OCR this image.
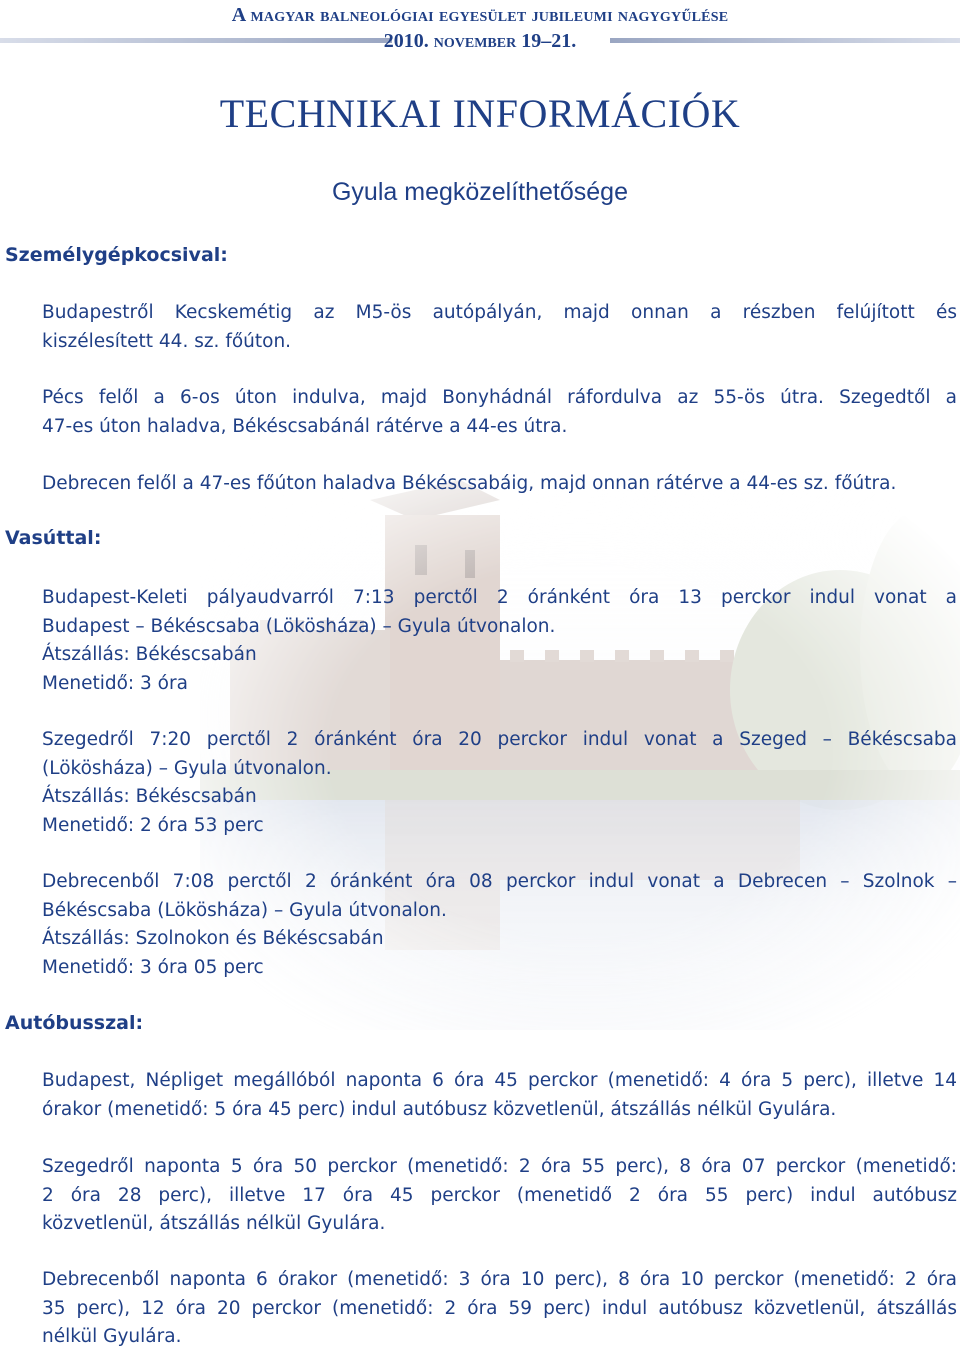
A magyar balneológiai egyesület jubileumi nagygyűlése
2010. november 19–21.
TECHNIKAI INFORMÁCIÓK
Gyula megközelíthetősége
Személygépkocsival:
Budapestről Kecskemétig az M5-ös autópályán, majd onnan a részben felújított és
kiszélesített 44. sz. főúton.
Pécs felől a 6-os úton indulva, majd Bonyhádnál ráfordulva az 55-ös útra. Szegedtől a
47-es úton haladva, Békéscsabánál rátérve a 44-es útra.
Debrecen felől a 47-es főúton haladva Békéscsabáig, majd onnan rátérve a 44-es sz. főútra.
Vasúttal:
Budapest-Keleti pályaudvarról 7:13 perctől 2 óránként óra 13 perckor indul vonat a
Budapest – Békéscsaba (Lökösháza) – Gyula útvonalon.
Átszállás: Békéscsabán
Menetidő: 3 óra
Szegedről 7:20 perctől 2 óránként óra 20 perckor indul vonat a Szeged – Békéscsaba
(Lökösháza) – Gyula útvonalon.
Átszállás: Békéscsabán
Menetidő: 2 óra 53 perc
Debrecenből 7:08 perctől 2 óránként óra 08 perckor indul vonat a Debrecen – Szolnok –
Békéscsaba (Lökösháza) – Gyula útvonalon.
Átszállás: Szolnokon és Békéscsabán
Menetidő: 3 óra 05 perc
Autóbusszal:
Budapest, Népliget megállóból naponta 6 óra 45 perckor (menetidő: 4 óra 5 perc), illetve 14
órakor (menetidő: 5 óra 45 perc) indul autóbusz közvetlenül, átszállás nélkül Gyulára.
Szegedről naponta 5 óra 50 perckor (menetidő: 2 óra 55 perc), 8 óra 07 perckor (menetidő:
2 óra 28 perc), illetve 17 óra 45 perckor (menetidő 2 óra 55 perc) indul autóbusz
közvetlenül, átszállás nélkül Gyulára.
Debrecenből naponta 6 órakor (menetidő: 3 óra 10 perc), 8 óra 10 perckor (menetidő: 2 óra
35 perc), 12 óra 20 perckor (menetidő: 2 óra 59 perc) indul autóbusz közvetlenül, átszállás
nélkül Gyulára.
